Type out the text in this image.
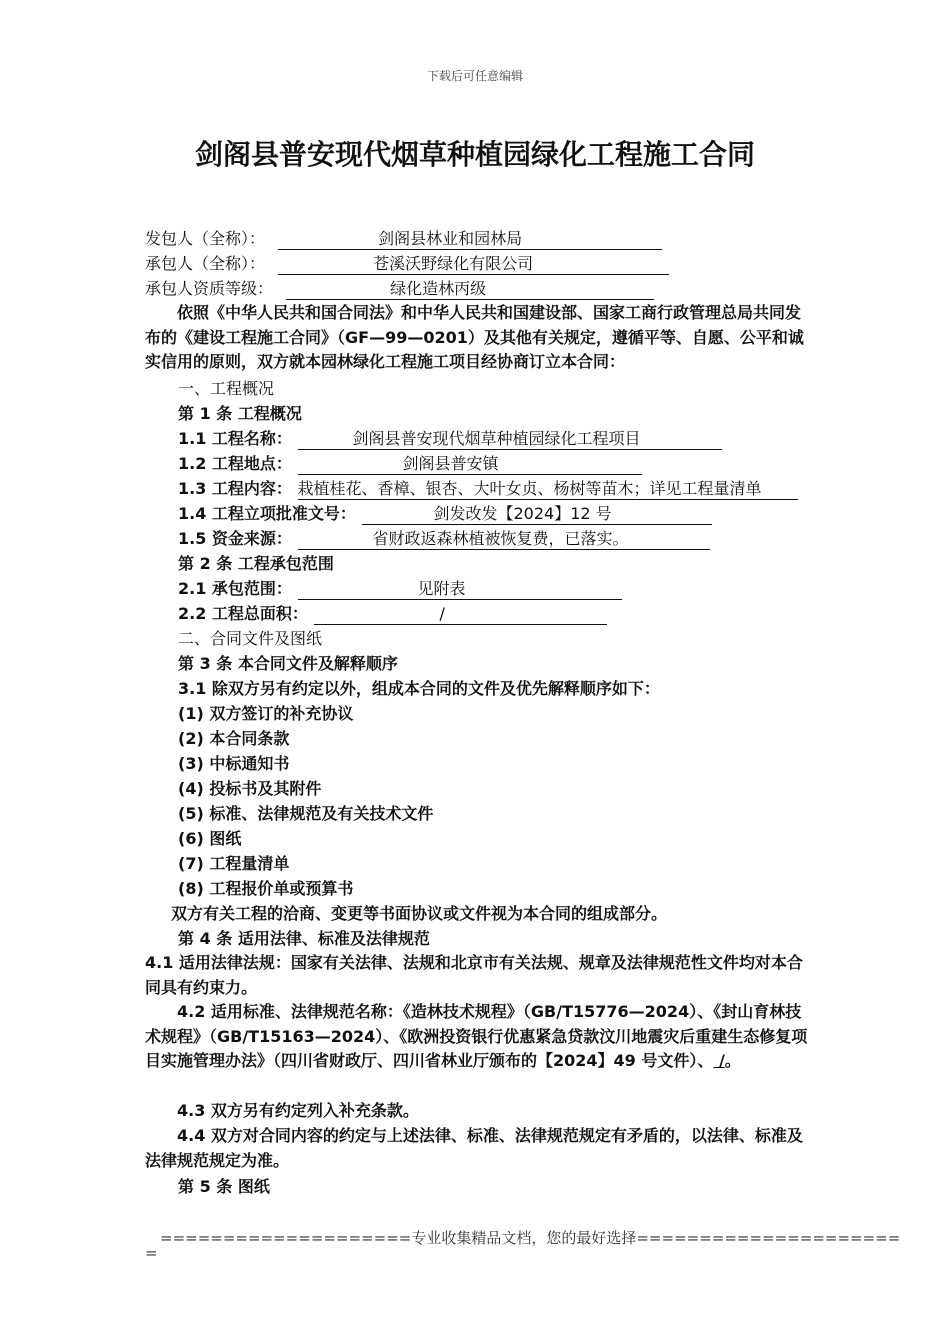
下载后可任意编辑
剑阁县普安现代烟草种植园绿化工程施工合同
发包人（全称）：	剑阁县林业和园林局
承包人（全称）：	苍溪沃野绿化有限公司
承包人资质等级：	绿化造林丙级
依照《中华人民共和国合同法》和中华人民共和国建设部、国家工商行政管理总局共同发布的《建设工程施工合同》（GF—99—0201）及其他有关规定，遵循平等、自愿、公平和诚实信用的原则，双方就本园林绿化工程施工项目经协商订立本合同：
一、工程概况
第 1 条 工程概况
1.1 工程名称：	剑阁县普安现代烟草种植园绿化工程项目
1.2 工程地点：	剑阁县普安镇
1.3 工程内容： 栽植桂花、香樟、银杏、大叶女贞、杨树等苗木；详见工程量清单
1.4 工程立项批准文号：	剑发改发【2024】12 号
1.5 资金来源：	省财政返森林植被恢复费，已落实。
第 2 条 工程承包范围
2.1 承包范围：	见附表
2.2 工程总面积：	/
二、合同文件及图纸
第 3 条 本合同文件及解释顺序
3.1 除双方另有约定以外，组成本合同的文件及优先解释顺序如下：
(1) 双方签订的补充协议
(2) 本合同条款
(3) 中标通知书
(4) 投标书及其附件
(5) 标准、法律规范及有关技术文件
(6) 图纸
(7) 工程量清单
(8) 工程报价单或预算书
双方有关工程的洽商、变更等书面协议或文件视为本合同的组成部分。
第 4 条 适用法律、标准及法律规范
4.1 适用法律法规：国家有关法律、法规和北京市有关法规、规章及法律规范性文件均对本合同具有约束力。
4.2 适用标准、法律规范名称：《造林技术规程》（GB/T15776—2024）、《封山育林技术规程》（GB/T15163—2024）、《欧洲投资银行优惠紧急贷款汶川地震灾后重建生态修复项目实施管理办法》（四川省财政厅、四川省林业厅颁布的【2024】49 号文件）、 /。
4.3 双方另有约定列入补充条款。
4.4 双方对合同内容的约定与上述法律、标准、法律规范规定有矛盾的，以法律、标准及法律规范规定为准。
第 5 条 图纸
====================专业收集精品文档，您的最好选择=====================
=
